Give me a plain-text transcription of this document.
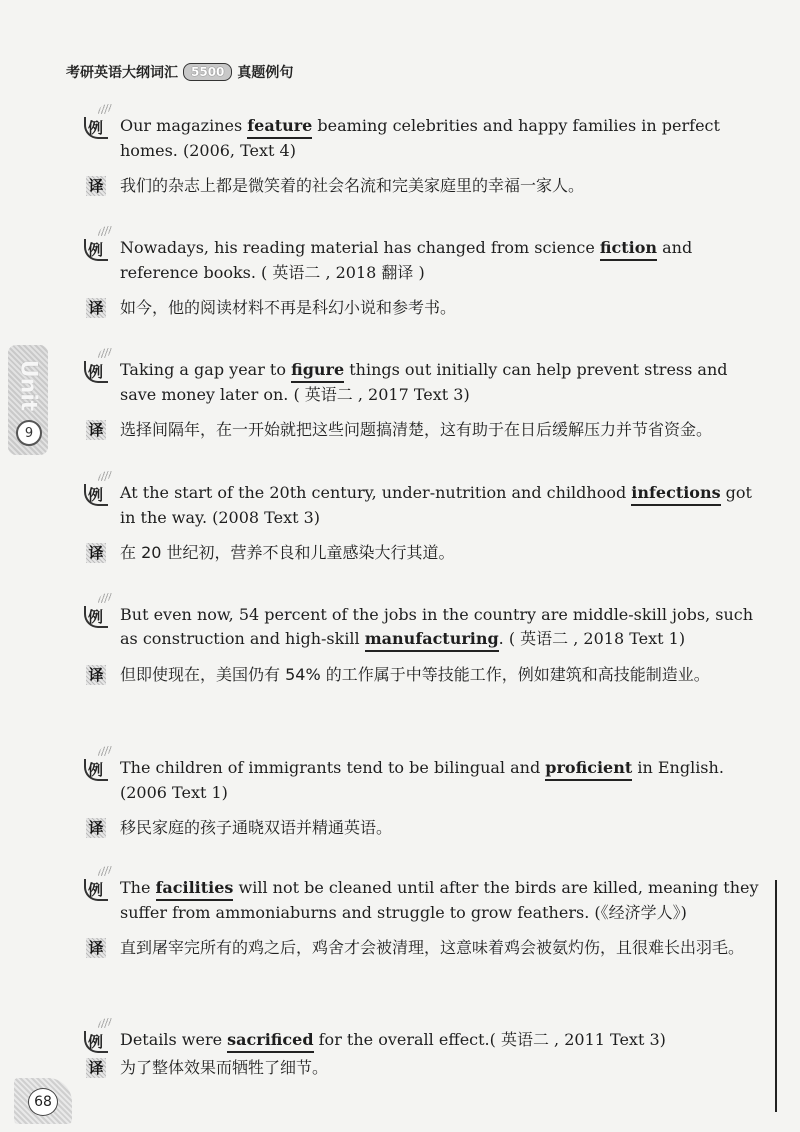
考研英语大纲词汇	5500 真题例句
Unit
9
例 Our magazines feature beaming celebrities and happy families in perfect homes. (2006, Text 4)
译 我们的杂志上都是微笑着的社会名流和完美家庭里的幸福一家人。
例 Nowadays, his reading material has changed from science fiction and reference books. ( 英语二 , 2018 翻译 )
译 如今，他的阅读材料不再是科幻小说和参考书。
例 Taking a gap year to figure things out initially can help prevent stress and save money later on. ( 英语二 , 2017 Text 3)
译 选择间隔年，在一开始就把这些问题搞清楚，这有助于在日后缓解压力并节省资金。
例 At the start of the 20th century, under-nutrition and childhood infections got in the way. (2008 Text 3)
译 在 20 世纪初，营养不良和儿童感染大行其道。
例 But even now, 54 percent of the jobs in the country are middle-skill jobs, such as construction and high-skill manufacturing. ( 英语二 , 2018 Text 1)
译 但即使现在，美国仍有 54% 的工作属于中等技能工作，例如建筑和高技能制造业。
例 The children of immigrants tend to be bilingual and proficient in English. (2006 Text 1)
译 移民家庭的孩子通晓双语并精通英语。
例 The facilities will not be cleaned until after the birds are killed, meaning they suffer from ammoniaburns and struggle to grow feathers. (《经济学人》)
译 直到屠宰完所有的鸡之后，鸡舍才会被清理，这意味着鸡会被氨灼伤，且很难长出羽毛。
例 Details were sacrificed for the overall effect.( 英语二 , 2011 Text 3)
译 为了整体效果而牺牲了细节。
68
